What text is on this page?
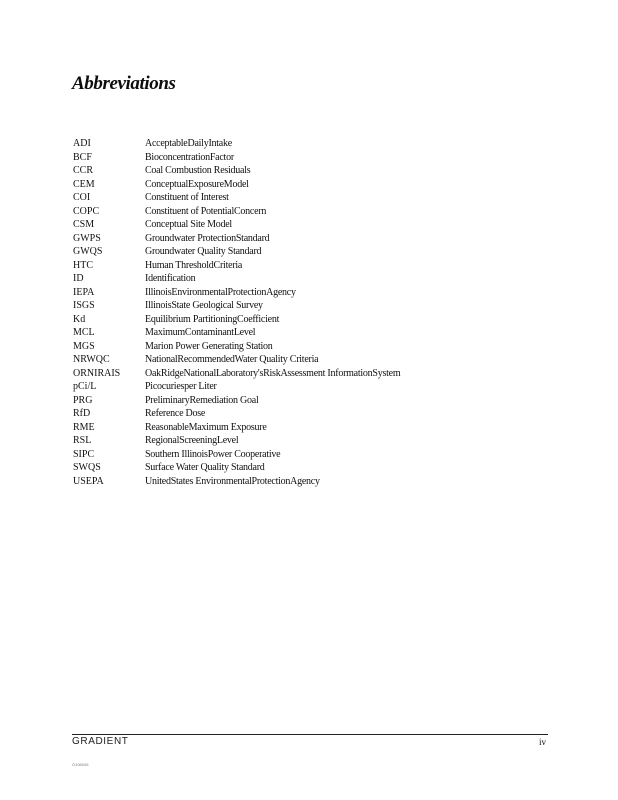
Abbreviations
ADI	AcceptableDailyIntake
BCF	BioconcentrationFactor
CCR	Coal Combustion Residuals
CEM	ConceptualExposureModel
COI	Constituent of Interest
COPC	Constituent of PotentialConcern
CSM	Conceptual Site Model
GWPS	Groundwater ProtectionStandard
GWQS	Groundwater Quality Standard
HTC	Human ThresholdCriteria
ID	Identification
IEPA	IllinoisEnvironmentalProtectionAgency
ISGS	IllinoisState Geological Survey
Kd	Equilibrium PartitioningCoefficient
MCL	MaximumContaminantLevel
MGS	Marion Power Generating Station
NRWQC	NationalRecommendedWater Quality Criteria
ORNIRAIS	OakRidgeNationalLaboratory'sRiskAssessment InformationSystem
pCi/L	Picocuriesper Liter
PRG	PreliminaryRemediation Goal
RfD	Reference Dose
RME	ReasonableMaximum Exposure
RSL	RegionalScreeningLevel
SIPC	Southern IllinoisPower Cooperative
SWQS	Surface Water Quality Standard
USEPA	UnitedStates EnvironmentalProtectionAgency
GRADIENT	iv
G106026
